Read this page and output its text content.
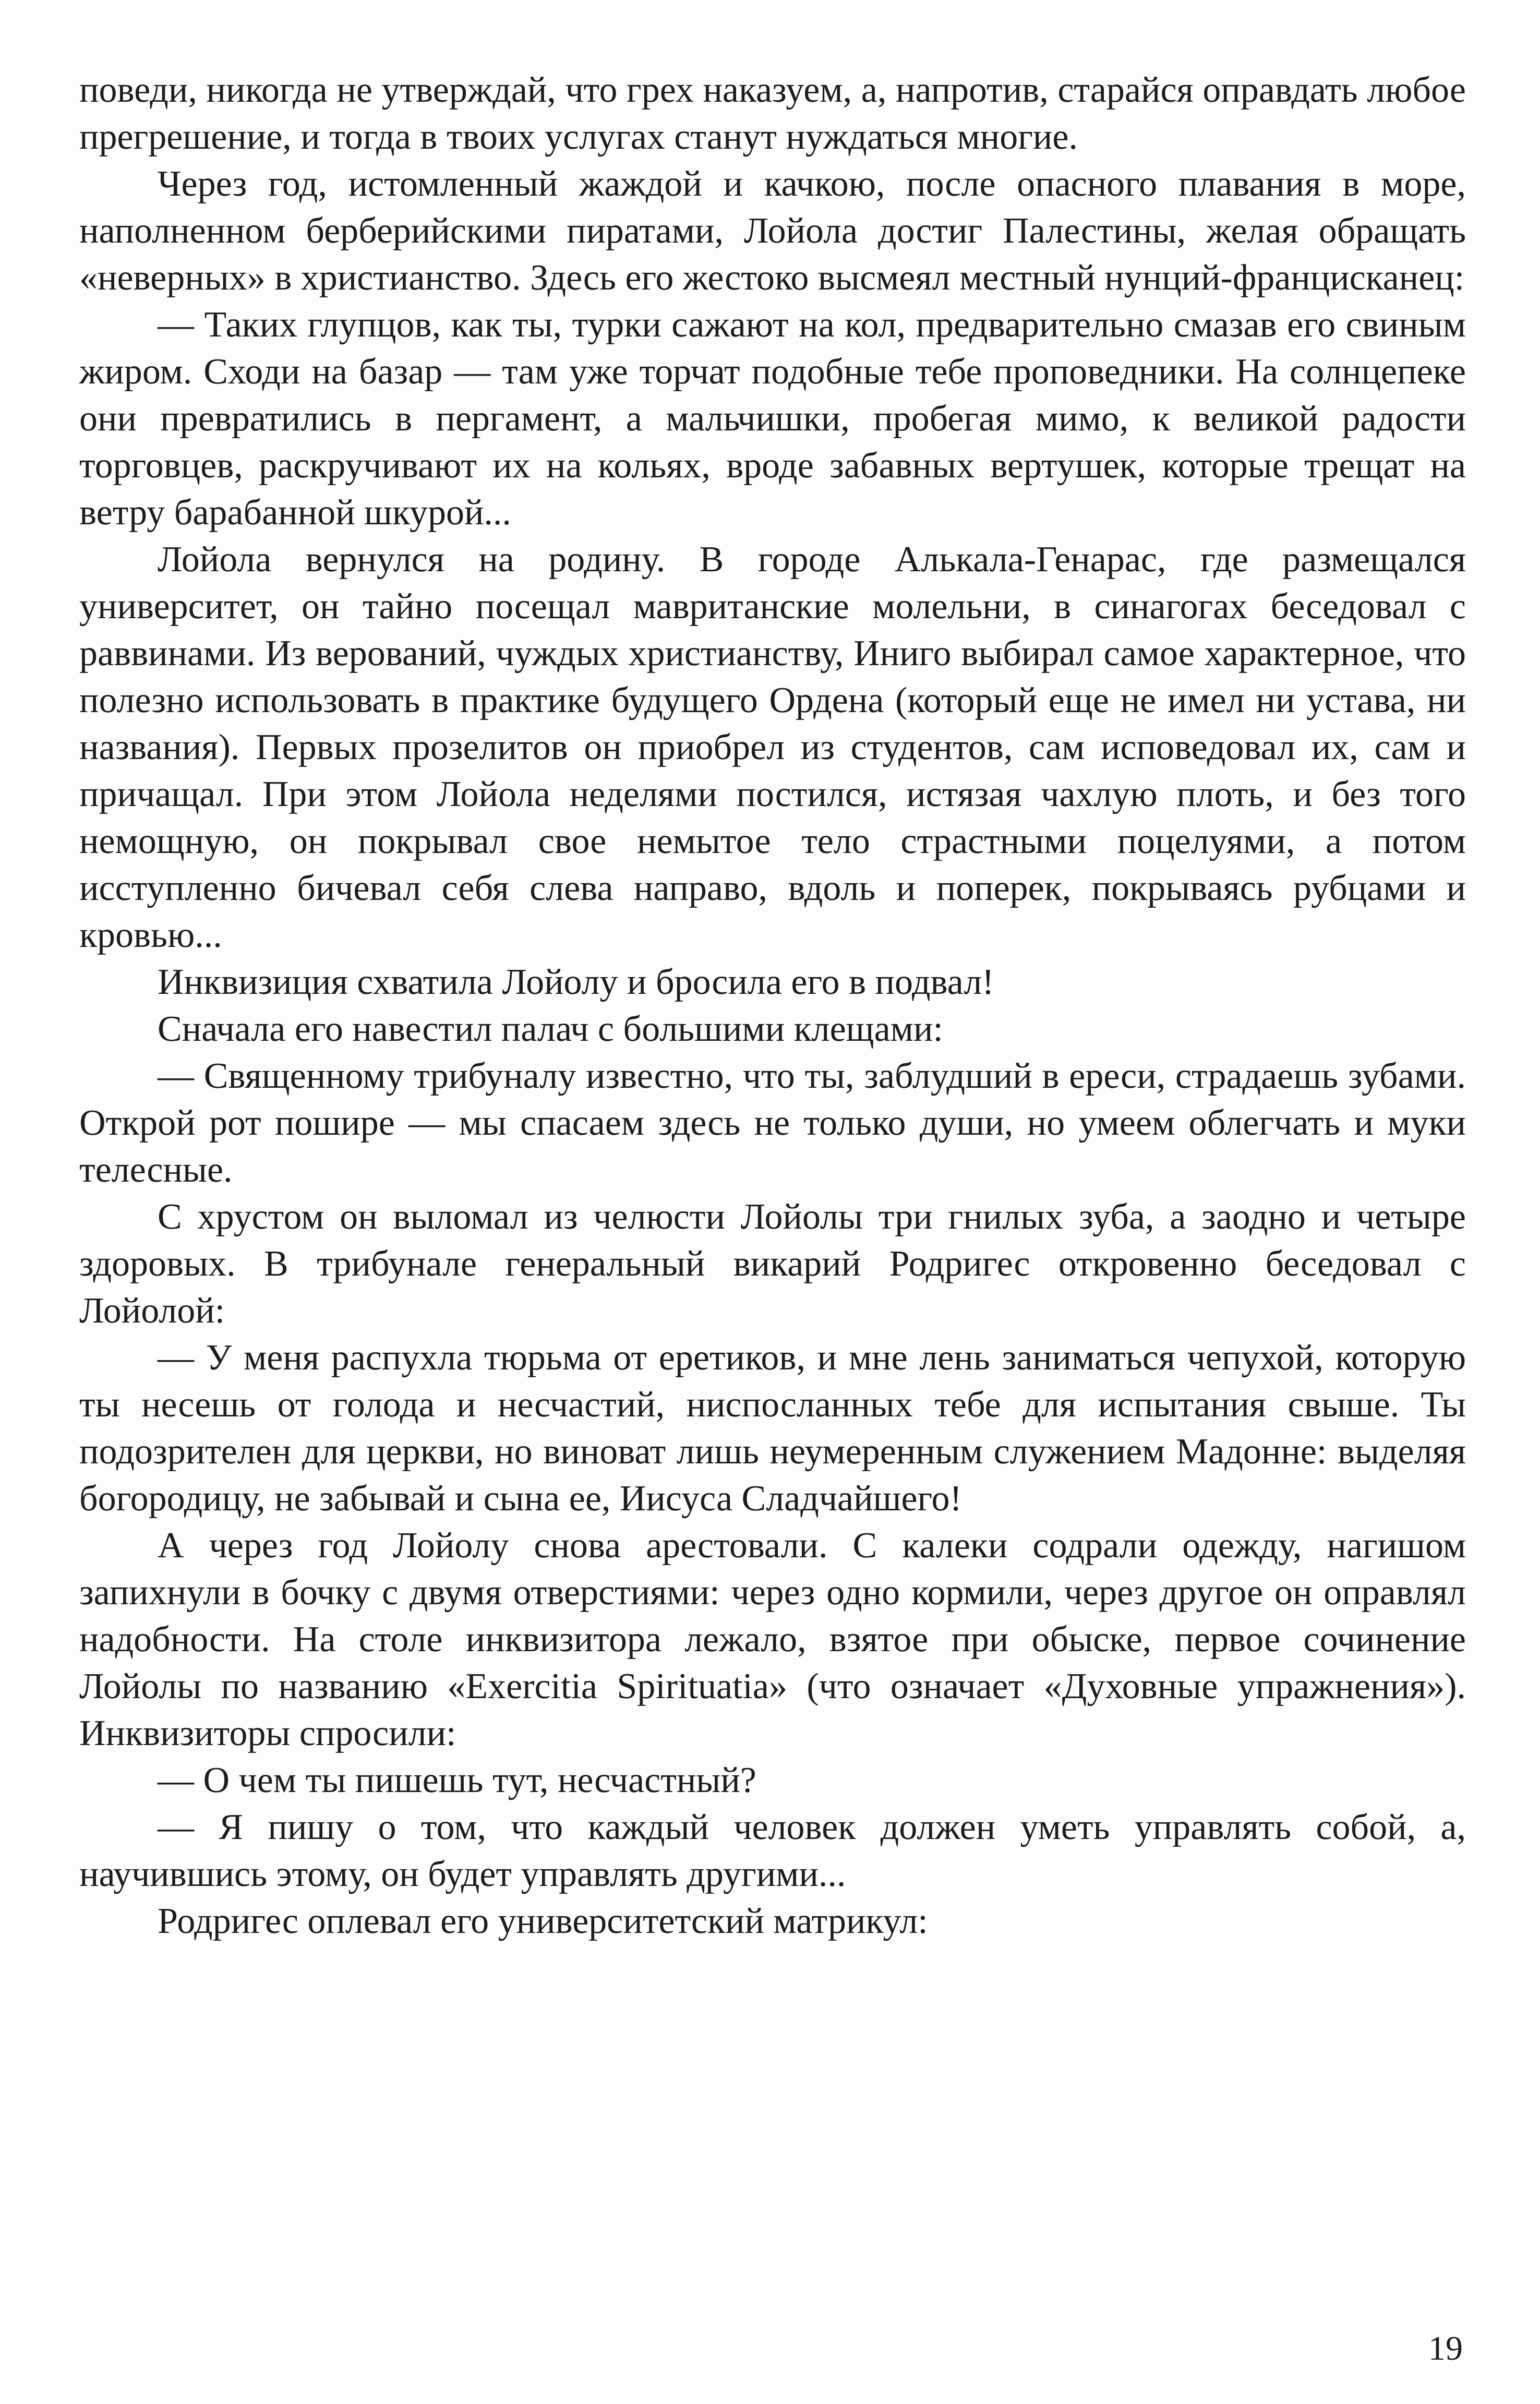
поведи, никогда не утверждай, что грех наказуем, а, напротив, старайся оправдать любое прегрешение, и тогда в твоих услугах станут нуждаться многие.

Через год, истомленный жаждой и качкою, после опасного плавания в море, наполненном берберийскими пиратами, Лойола достиг Палестины, желая обращать «неверных» в христианство. Здесь его жестоко высмеял местный нунций-францисканец:

— Таких глупцов, как ты, турки сажают на кол, предварительно смазав его свиным жиром. Сходи на базар — там уже торчат подобные тебе проповедники. На солнцепеке они превратились в пергамент, а мальчишки, пробегая мимо, к великой радости торговцев, раскручивают их на кольях, вроде забавных вертушек, которые трещат на ветру барабанной шкурой...

Лойола вернулся на родину. В городе Алькала-Генарас, где размещался университет, он тайно посещал мавританские молельни, в синагогах беседовал с раввинами. Из верований, чуждых христианству, Иниго выбирал самое характерное, что полезно использовать в практике будущего Ордена (который еще не имел ни устава, ни названия). Первых прозелитов он приобрел из студентов, сам исповедовал их, сам и причащал. При этом Лойола неделями постился, истязая чахлую плоть, и без того немощную, он покрывал свое немытое тело страстными поцелуями, а потом исступленно бичевал себя слева направо, вдоль и поперек, покрываясь рубцами и кровью...

Инквизиция схватила Лойолу и бросила его в подвал!

Сначала его навестил палач с большими клещами:

— Священному трибуналу известно, что ты, заблудший в ереси, страдаешь зубами. Открой рот пошире — мы спасаем здесь не только души, но умеем облегчать и муки телесные.

С хрустом он выломал из челюсти Лойолы три гнилых зуба, а заодно и четыре здоровых. В трибунале генеральный викарий Родригес откровенно беседовал с Лойолой:

— У меня распухла тюрьма от еретиков, и мне лень заниматься чепухой, которую ты несешь от голода и несчастий, ниспосланных тебе для испытания свыше. Ты подозрителен для церкви, но виноват лишь неумеренным служением Мадонне: выделяя богородицу, не забывай и сына ее, Иисуса Сладчайшего!

А через год Лойолу снова арестовали. С калеки содрали одежду, нагишом запихнули в бочку с двумя отверстиями: через одно кормили, через другое он оправлял надобности. На столе инквизитора лежало, взятое при обыске, первое сочинение Лойолы по названию «Exercitia Spirituatia» (что означает «Духовные упражнения»). Инквизиторы спросили:

— О чем ты пишешь тут, несчастный?

— Я пишу о том, что каждый человек должен уметь управлять собой, а, научившись этому, он будет управлять другими...

Родригес оплевал его университетский матрикул:

19
